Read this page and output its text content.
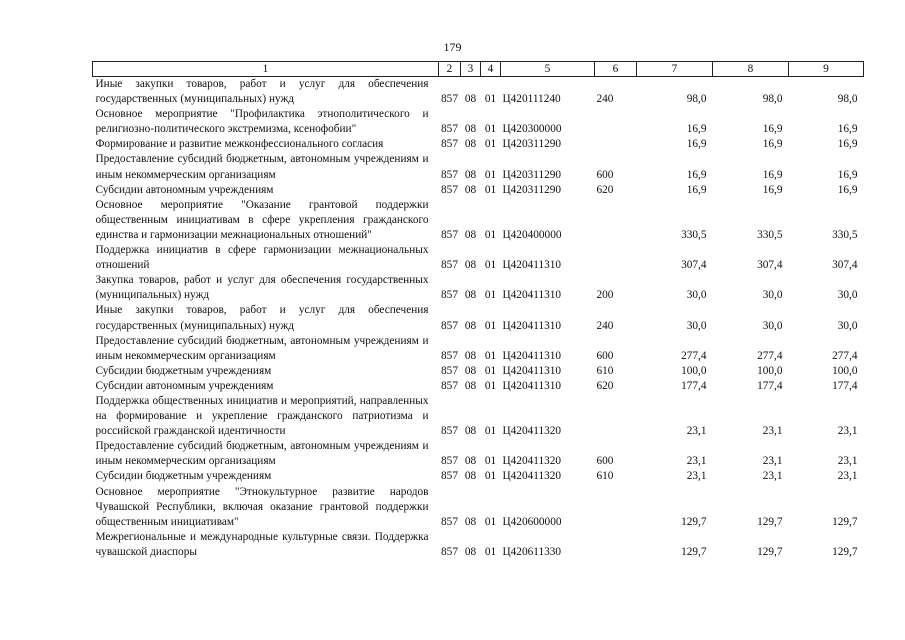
179
1	2	3	4	5	6	7	8	9
Иные закупки товаров, работ и услуг для обеспечения государственных (муниципальных) нужд	857	08	01	Ц420111240	240	98,0	98,0	98,0
Основное мероприятие "Профилактика этнополитического и религиозно-политического экстремизма, ксенофобии"	857	08	01	Ц420300000		16,9	16,9	16,9
Формирование и развитие межконфессионального согласия	857	08	01	Ц420311290		16,9	16,9	16,9
Предоставление субсидий бюджетным, автономным учреждениям и иным некоммерческим организациям	857	08	01	Ц420311290	600	16,9	16,9	16,9
Субсидии автономным учреждениям	857	08	01	Ц420311290	620	16,9	16,9	16,9
Основное мероприятие "Оказание грантовой поддержки общественным инициативам в сфере укрепления гражданского единства и гармонизации межнациональных отношений"	857	08	01	Ц420400000		330,5	330,5	330,5
Поддержка инициатив в сфере гармонизации межнациональных отношений	857	08	01	Ц420411310		307,4	307,4	307,4
Закупка товаров, работ и услуг для обеспечения государственных (муниципальных) нужд	857	08	01	Ц420411310	200	30,0	30,0	30,0
Иные закупки товаров, работ и услуг для обеспечения государственных (муниципальных) нужд	857	08	01	Ц420411310	240	30,0	30,0	30,0
Предоставление субсидий бюджетным, автономным учреждениям и иным некоммерческим организациям	857	08	01	Ц420411310	600	277,4	277,4	277,4
Субсидии бюджетным учреждениям	857	08	01	Ц420411310	610	100,0	100,0	100,0
Субсидии автономным учреждениям	857	08	01	Ц420411310	620	177,4	177,4	177,4
Поддержка общественных инициатив и мероприятий, направленных на формирование и укрепление гражданского патриотизма и российской гражданской идентичности	857	08	01	Ц420411320		23,1	23,1	23,1
Предоставление субсидий бюджетным, автономным учреждениям и иным некоммерческим организациям	857	08	01	Ц420411320	600	23,1	23,1	23,1
Субсидии бюджетным учреждениям	857	08	01	Ц420411320	610	23,1	23,1	23,1
Основное мероприятие "Этнокультурное развитие народов Чувашской Республики, включая оказание грантовой поддержки общественным инициативам"	857	08	01	Ц420600000		129,7	129,7	129,7
Межрегиональные и международные культурные связи. Поддержка чувашской диаспоры	857	08	01	Ц420611330		129,7	129,7	129,7
